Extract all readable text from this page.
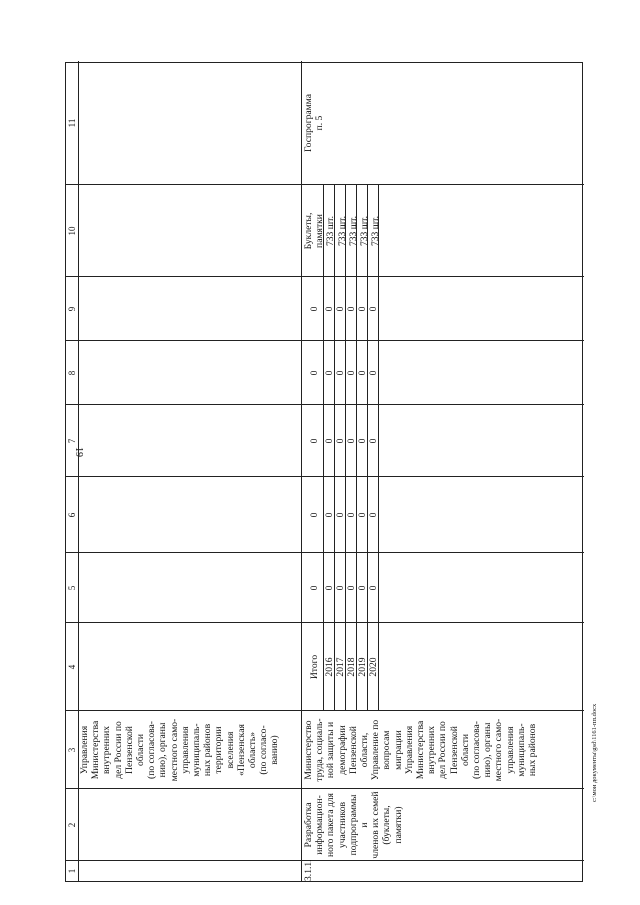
19
1
2
3
4
5
6
7
8
9
10
11
Управления Министерства внутренних дел России по Пензенской области (по согласова- нию), органы местного само- управления муниципаль- ных районов территории вселения «Пензенская область» (по согласо- ванию)
3.1.1.
Разработка информацион- ного пакета для участников подпрограммы и членов их семей (буклеты, памятки)
Министерство труда, социаль- ной защиты и демографии Пензенской области, Управление по вопросам миграции Управления Министерства внутренних дел России по Пензенской области (по согласова- нию), органы местного само- управления муниципаль- ных районов
Итого 2016 2017 2018 2019 2020
0 0 0 0 0 0
0 0 0 0 0 0
0 0 0 0 0 0
0 0 0 0 0 0
0 0 0 0 0 0
Буклеты, памятки 733 шт. 733 шт. 733 шт. 733 шт. 733 шт.
Госпрограмма п. 5
c:\мои документы\gsd\1161-пп.docx
